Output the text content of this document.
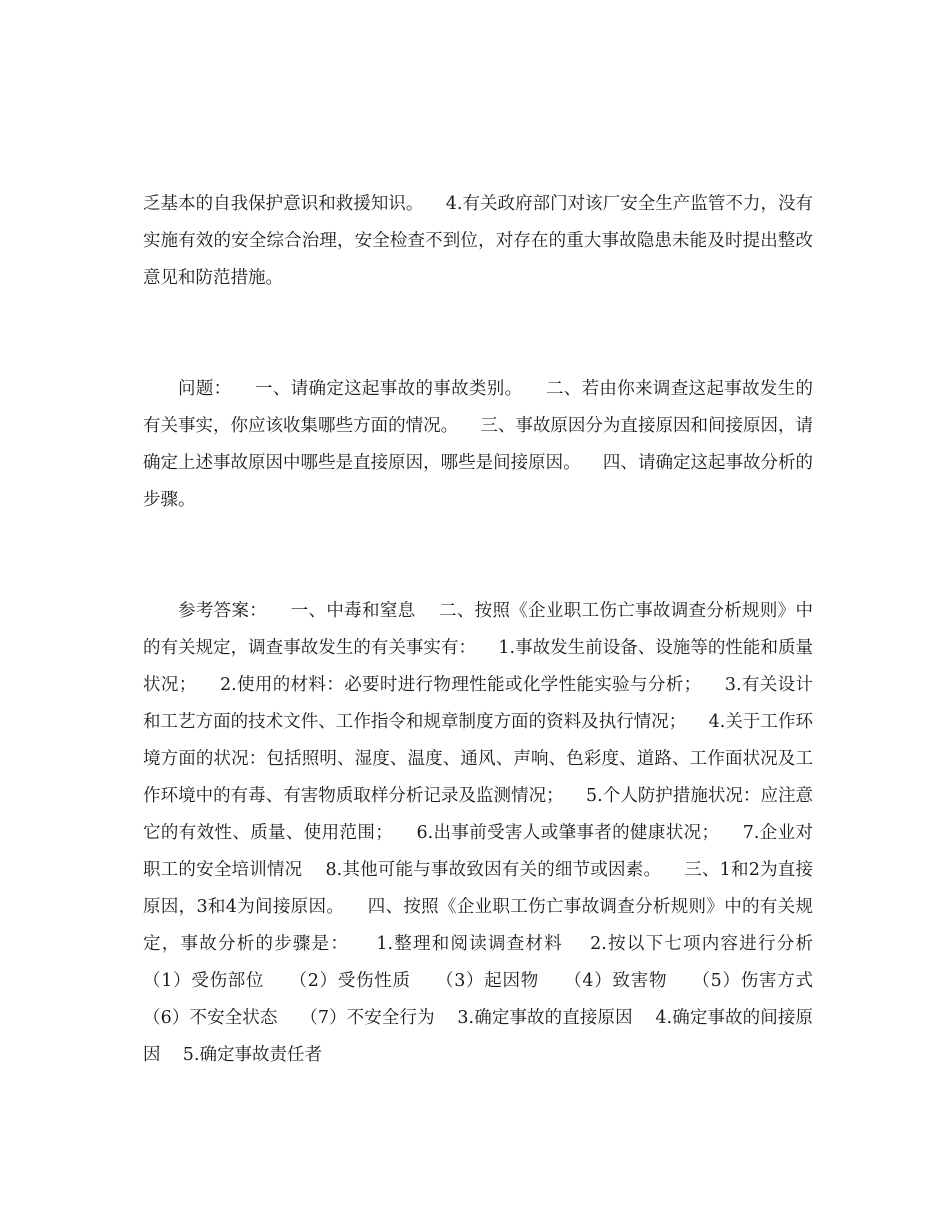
乏基本的自我保护意识和救援知识。    4.有关政府部门对该厂安全生产监管不力，没有实施有效的安全综合治理，安全检查不到位，对存在的重大事故隐患未能及时提出整改意见和防范措施。

问题：    一、请确定这起事故的事故类别。    二、若由你来调查这起事故发生的有关事实，你应该收集哪些方面的情况。    三、事故原因分为直接原因和间接原因，请确定上述事故原因中哪些是直接原因，哪些是间接原因。    四、请确定这起事故分析的步骤。

参考答案：    一、中毒和窒息    二、按照《企业职工伤亡事故调查分析规则》中的有关规定，调查事故发生的有关事实有：    1.事故发生前设备、设施等的性能和质量状况；    2.使用的材料：必要时进行物理性能或化学性能实验与分析；    3.有关设计和工艺方面的技术文件、工作指令和规章制度方面的资料及执行情况；    4.关于工作环境方面的状况：包括照明、湿度、温度、通风、声响、色彩度、道路、工作面状况及工作环境中的有毒、有害物质取样分析记录及监测情况；    5.个人防护措施状况：应注意它的有效性、质量、使用范围；    6.出事前受害人或肇事者的健康状况；    7.企业对职工的安全培训情况    8.其他可能与事故致因有关的细节或因素。    三、1和2为直接原因，3和4为间接原因。    四、按照《企业职工伤亡事故调查分析规则》中的有关规定，事故分析的步骤是：    1.整理和阅读调查材料    2.按以下七项内容进行分析    （1）受伤部位    （2）受伤性质    （3）起因物    （4）致害物    （5）伤害方式    （6）不安全状态    （7）不安全行为    3.确定事故的直接原因    4.确定事故的间接原因    5.确定事故责任者
